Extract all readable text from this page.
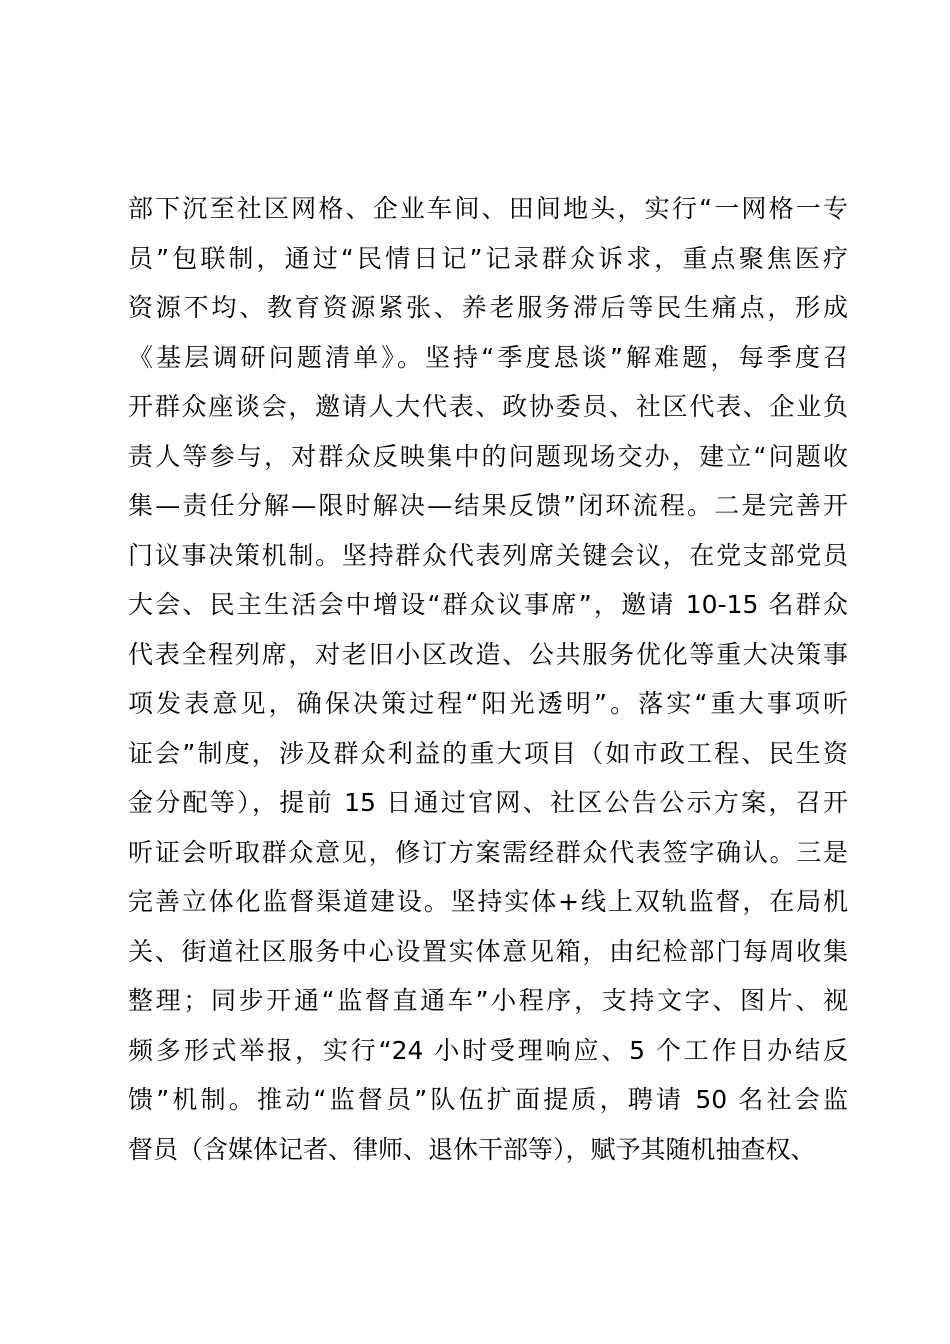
部下沉至社区网格、企业车间、田间地头，实行“一网格一专
员”包联制，通过“民情日记”记录群众诉求，重点聚焦医疗
资源不均、教育资源紧张、养老服务滞后等民生痛点，形成
《基层调研问题清单》。坚持“季度恳谈”解难题，每季度召
开群众座谈会，邀请人大代表、政协委员、社区代表、企业负
责人等参与，对群众反映集中的问题现场交办，建立“问题收
集—责任分解—限时解决—结果反馈”闭环流程。二是完善开
门议事决策机制。坚持群众代表列席关键会议，在党支部党员
大会、民主生活会中增设“群众议事席”，邀请 10-15 名群众
代表全程列席，对老旧小区改造、公共服务优化等重大决策事
项发表意见，确保决策过程“阳光透明”。落实“重大事项听
证会”制度，涉及群众利益的重大项目（如市政工程、民生资
金分配等），提前 15 日通过官网、社区公告公示方案，召开
听证会听取群众意见，修订方案需经群众代表签字确认。三是
完善立体化监督渠道建设。坚持实体+线上双轨监督，在局机
关、街道社区服务中心设置实体意见箱，由纪检部门每周收集
整理；同步开通“监督直通车”小程序，支持文字、图片、视
频多形式举报，实行“24 小时受理响应、5 个工作日办结反
馈”机制。推动“监督员”队伍扩面提质，聘请 50 名社会监
督员（含媒体记者、律师、退休干部等），赋予其随机抽查权、
